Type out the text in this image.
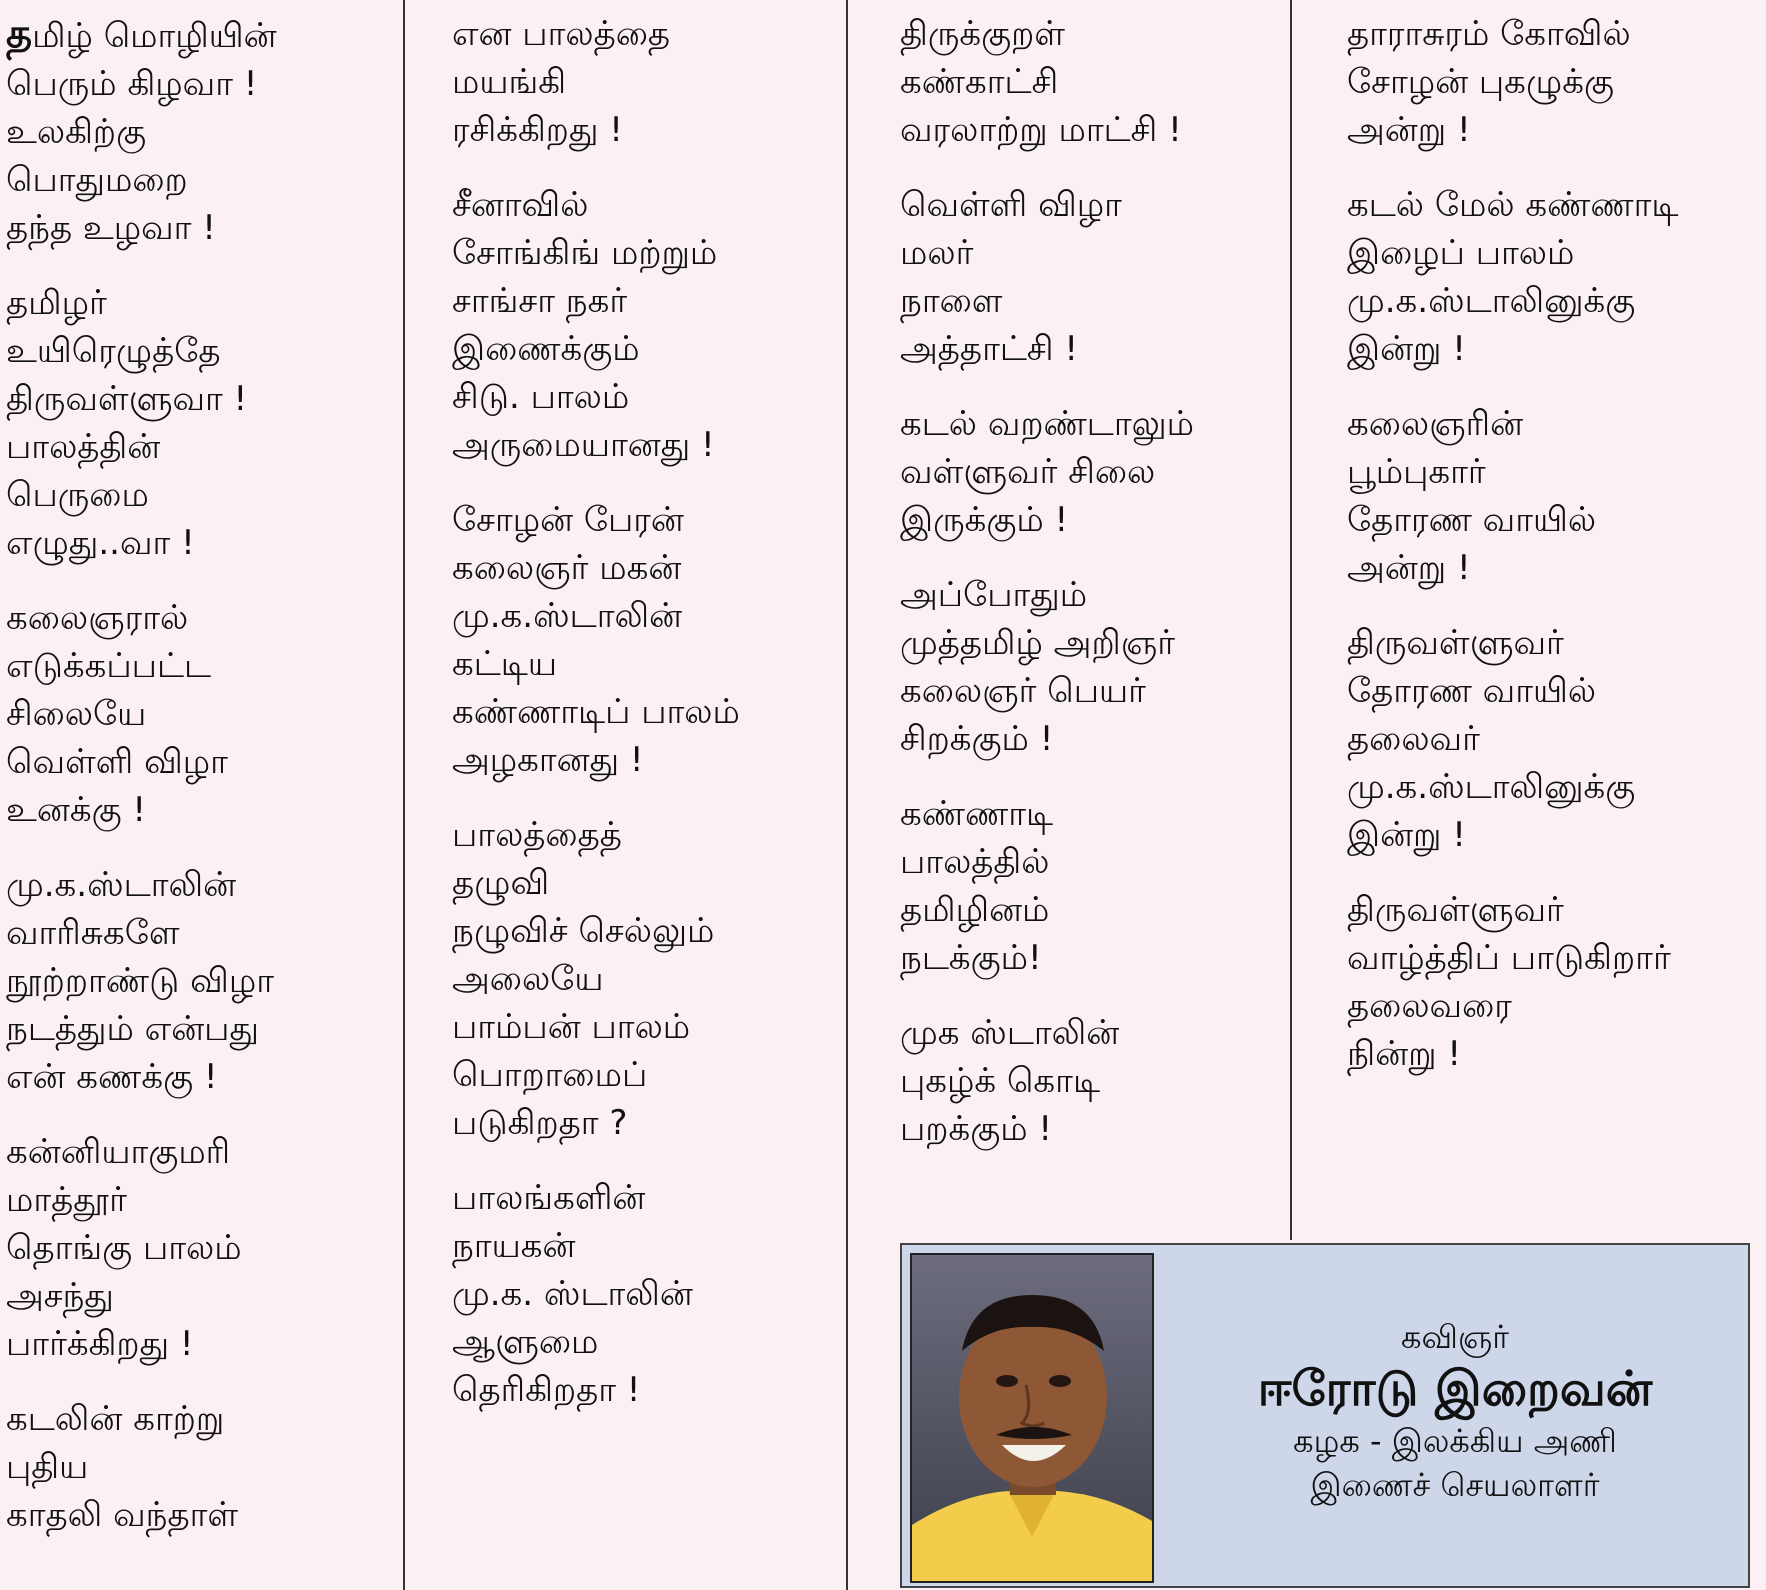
தமிழ் மொழியின்
பெரும் கிழவா !
உலகிற்கு
பொதுமறை
தந்த உழவா !
தமிழர்
உயிரெழுத்தே
திருவள்ளுவா !
பாலத்தின்
பெருமை
எழுது..வா !
கலைஞரால்
எடுக்கப்பட்ட
சிலையே
வெள்ளி விழா
உனக்கு !
மு.க.ஸ்டாலின்
வாரிசுகளே
நூற்றாண்டு விழா
நடத்தும் என்பது
என் கணக்கு !
கன்னியாகுமரி
மாத்தூர்
தொங்கு பாலம்
அசந்து
பார்க்கிறது !
கடலின் காற்று
புதிய
காதலி வந்தாள்
என பாலத்தை
மயங்கி
ரசிக்கிறது !
சீனாவில்
சோங்கிங் மற்றும்
சாங்சா நகர்
இணைக்கும்
சிடு. பாலம்
அருமையானது !
சோழன் பேரன்
கலைஞர் மகன்
மு.க.ஸ்டாலின்
கட்டிய
கண்ணாடிப் பாலம்
அழகானது !
பாலத்தைத்
தழுவி
நழுவிச் செல்லும்
அலையே
பாம்பன் பாலம்
பொறாமைப்
படுகிறதா ?
பாலங்களின்
நாயகன்
மு.க. ஸ்டாலின்
ஆளுமை
தெரிகிறதா !
திருக்குறள்
கண்காட்சி
வரலாற்று மாட்சி !
வெள்ளி விழா
மலர்
நாளை
அத்தாட்சி !
கடல் வறண்டாலும்
வள்ளுவர் சிலை
இருக்கும் !
அப்போதும்
முத்தமிழ் அறிஞர்
கலைஞர் பெயர்
சிறக்கும் !
கண்ணாடி
பாலத்தில்
தமிழினம்
நடக்கும்!
முக ஸ்டாலின்
புகழ்க் கொடி
பறக்கும் !
தாராசுரம் கோவில்
சோழன் புகழுக்கு
அன்று !
கடல் மேல் கண்ணாடி
இழைப் பாலம்
மு.க.ஸ்டாலினுக்கு
இன்று !
கலைஞரின்
பூம்புகார்
தோரண வாயில்
அன்று !
திருவள்ளுவர்
தோரண வாயில்
தலைவர்
மு.க.ஸ்டாலினுக்கு
இன்று !
திருவள்ளுவர்
வாழ்த்திப் பாடுகிறார்
தலைவரை
நின்று !
கவிஞர்
ஈரோடு இறைவன்
கழக - இலக்கிய அணி
இணைச் செயலாளர்
